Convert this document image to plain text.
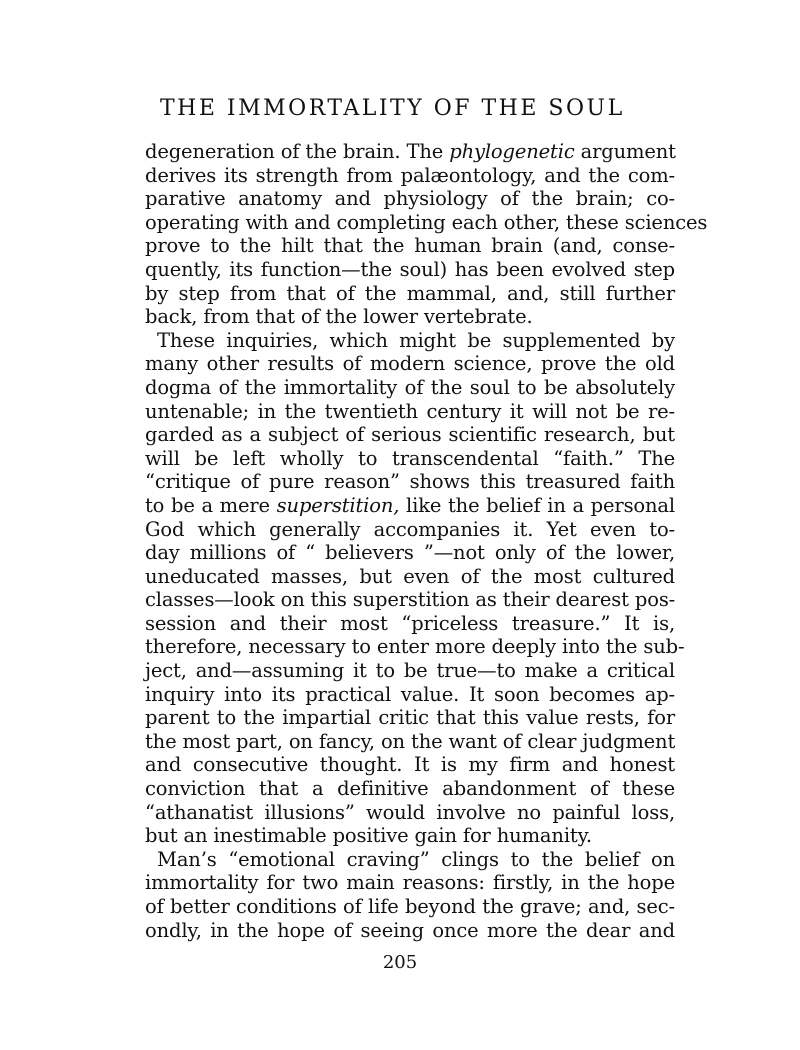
THE IMMORTALITY OF THE SOUL
degeneration of the brain. The phylogenetic argument
derives its strength from palæontology, and the com-
parative anatomy and physiology of the brain; co-
operating with and completing each other, these sciences
prove to the hilt that the human brain (and, conse-
quently, its function—the soul) has been evolved step
by step from that of the mammal, and, still further
back, from that of the lower vertebrate.
These inquiries, which might be supplemented by
many other results of modern science, prove the old
dogma of the immortality of the soul to be absolutely
untenable; in the twentieth century it will not be re-
garded as a subject of serious scientific research, but
will be left wholly to transcendental “faith.” The
“critique of pure reason” shows this treasured faith
to be a mere superstition, like the belief in a personal
God which generally accompanies it. Yet even to-
day millions of “ believers ”—not only of the lower,
uneducated masses, but even of the most cultured
classes—look on this superstition as their dearest pos-
session and their most “priceless treasure.” It is,
therefore, necessary to enter more deeply into the sub-
ject, and—assuming it to be true—to make a critical
inquiry into its practical value. It soon becomes ap-
parent to the impartial critic that this value rests, for
the most part, on fancy, on the want of clear judgment
and consecutive thought. It is my firm and honest
conviction that a definitive abandonment of these
“athanatist illusions” would involve no painful loss,
but an inestimable positive gain for humanity.
Man’s “emotional craving” clings to the belief on
immortality for two main reasons: firstly, in the hope
of better conditions of life beyond the grave; and, sec-
ondly, in the hope of seeing once more the dear and
205
